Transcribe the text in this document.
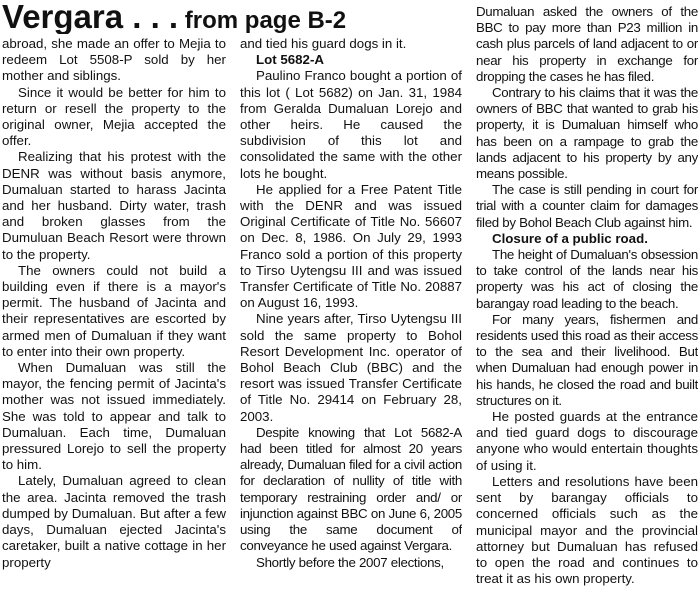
Vergara . . . from page B-2

abroad, she made an offer to Mejia to redeem Lot 5508-P sold by her mother and siblings.

Since it would be better for him to return or resell the property to the original owner, Mejia accepted the offer.

Realizing that his protest with the DENR was without basis anymore, Dumaluan started to harass Jacinta and her husband. Dirty water, trash and broken glasses from the Dumuluan Beach Resort were thrown to the property.

The owners could not build a building even if there is a mayor's permit. The husband of Jacinta and their representatives are escorted by armed men of Dumaluan if they want to enter into their own property.

When Dumaluan was still the mayor, the fencing permit of Jacinta's mother was not issued immediately. She was told to appear and talk to Dumaluan. Each time, Dumaluan pressured Lorejo to sell the property to him.

Lately, Dumaluan agreed to clean the area. Jacinta removed the trash dumped by Dumaluan. But after a few days, Dumaluan ejected Jacinta's caretaker, built a native cottage in her property

and tied his guard dogs in it.

Lot 5682-A

Paulino Franco bought a portion of this lot ( Lot 5682) on Jan. 31, 1984 from Geralda Dumaluan Lorejo and other heirs. He caused the subdivision of this lot and consolidated the same with the other lots he bought.

He applied for a Free Patent Title with the DENR and was issued Original Certificate of Title No. 56607 on Dec. 8, 1986. On July 29, 1993 Franco sold a portion of this property to Tirso Uytengsu III and was issued Transfer Certificate of Title No. 20887 on August 16, 1993.

Nine years after, Tirso Uytengsu III sold the same property to Bohol Resort Development Inc. operator of Bohol Beach Club (BBC) and the resort was issued Transfer Certificate of Title No. 29414 on February 28, 2003.

Despite knowing that Lot 5682-A had been titled for almost 20 years already, Dumaluan filed for a civil action for declaration of nullity of title with temporary restraining order and/ or injunction against BBC on June 6, 2005 using the same document of conveyance he used against Vergara.

Shortly before the 2007 elections,

Dumaluan asked the owners of the BBC to pay more than P23 million in cash plus parcels of land adjacent to or near his property in exchange for dropping the cases he has filed.

Contrary to his claims that it was the owners of BBC that wanted to grab his property, it is Dumaluan himself who has been on a rampage to grab the lands adjacent to his property by any means possible.

The case is still pending in court for trial with a counter claim for damages filed by Bohol Beach Club against him.

Closure of a public road.

The height of Dumaluan's obsession to take control of the lands near his property was his act of closing the barangay road leading to the beach.

For many years, fishermen and residents used this road as their access to the sea and their livelihood. But when Dumaluan had enough power in his hands, he closed the road and built structures on it.

He posted guards at the entrance and tied guard dogs to discourage anyone who would entertain thoughts of using it.

Letters and resolutions have been sent by barangay officials to concerned officials such as the municipal mayor and the provincial attorney but Dumaluan has refused to open the road and continues to treat it as his own property.
